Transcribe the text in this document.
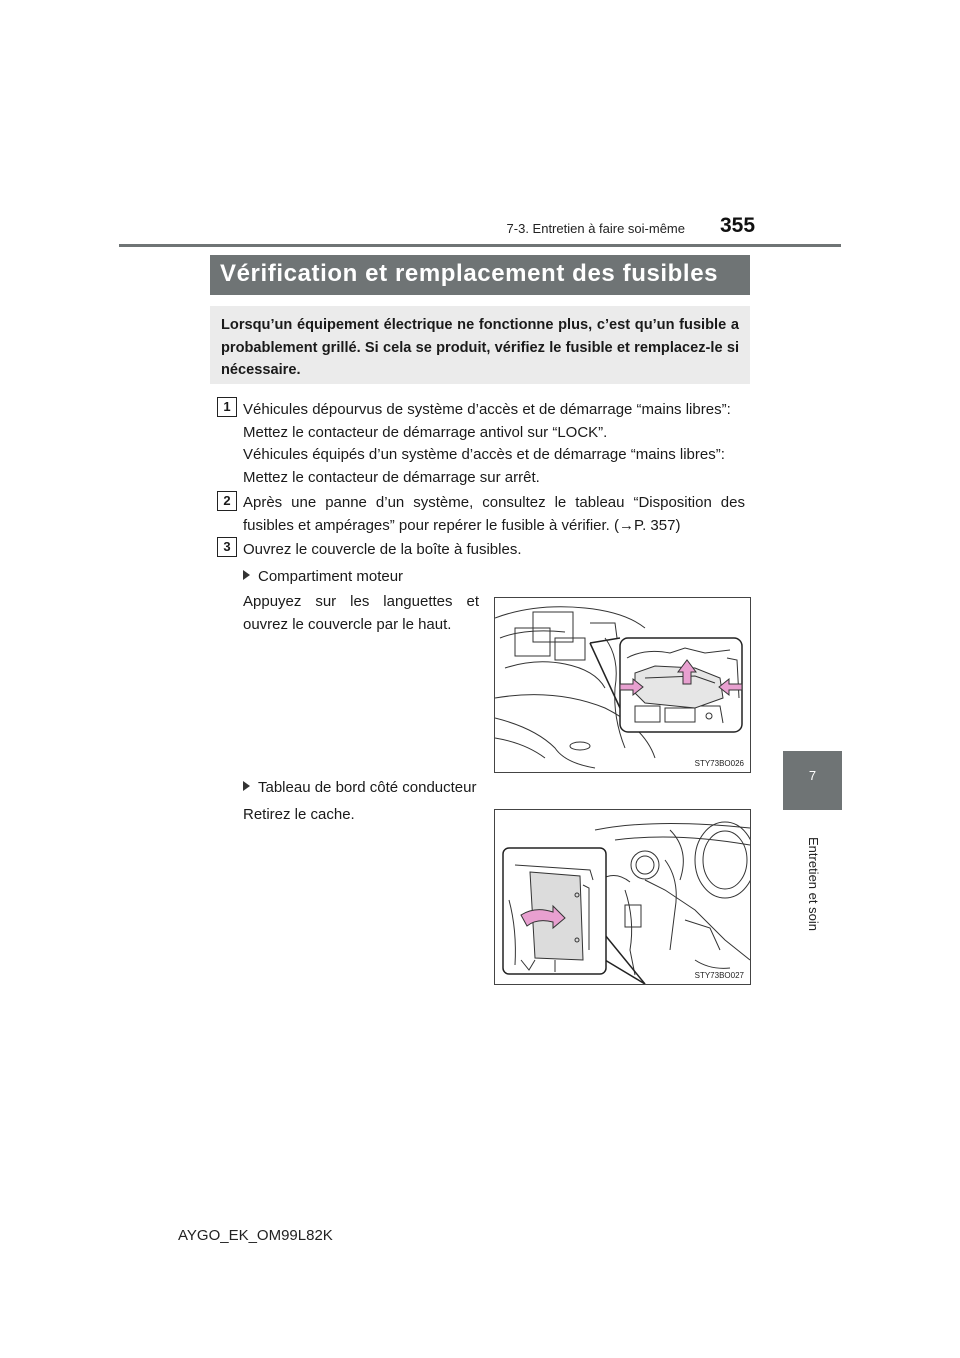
7-3. Entretien à faire soi-même 355
7
Entretien et soin
Vérification et remplacement des fusibles

Lorsqu’un équipement électrique ne fonctionne plus, c’est qu’un fusible a probablement grillé. Si cela se produit, vérifiez le fusible et remplacez-le si nécessaire.

1 Véhicules dépourvus de système d’accès et de démarrage “mains libres”: Mettez le contacteur de démarrage antivol sur “LOCK”.
Véhicules équipés d’un système d’accès et de démarrage “mains libres”: Mettez le contacteur de démarrage sur arrêt.
2 Après une panne d’un système, consultez le tableau “Disposition des fusibles et ampérages” pour repérer le fusible à vérifier. (→P. 357)
3 Ouvrez le couvercle de la boîte à fusibles.
Compartiment moteur
Appuyez sur les languettes et ouvrez le couvercle par le haut.
STY73BO026
Tableau de bord côté conducteur
Retirez le cache.
STY73BO027
AYGO_EK_OM99L82K
